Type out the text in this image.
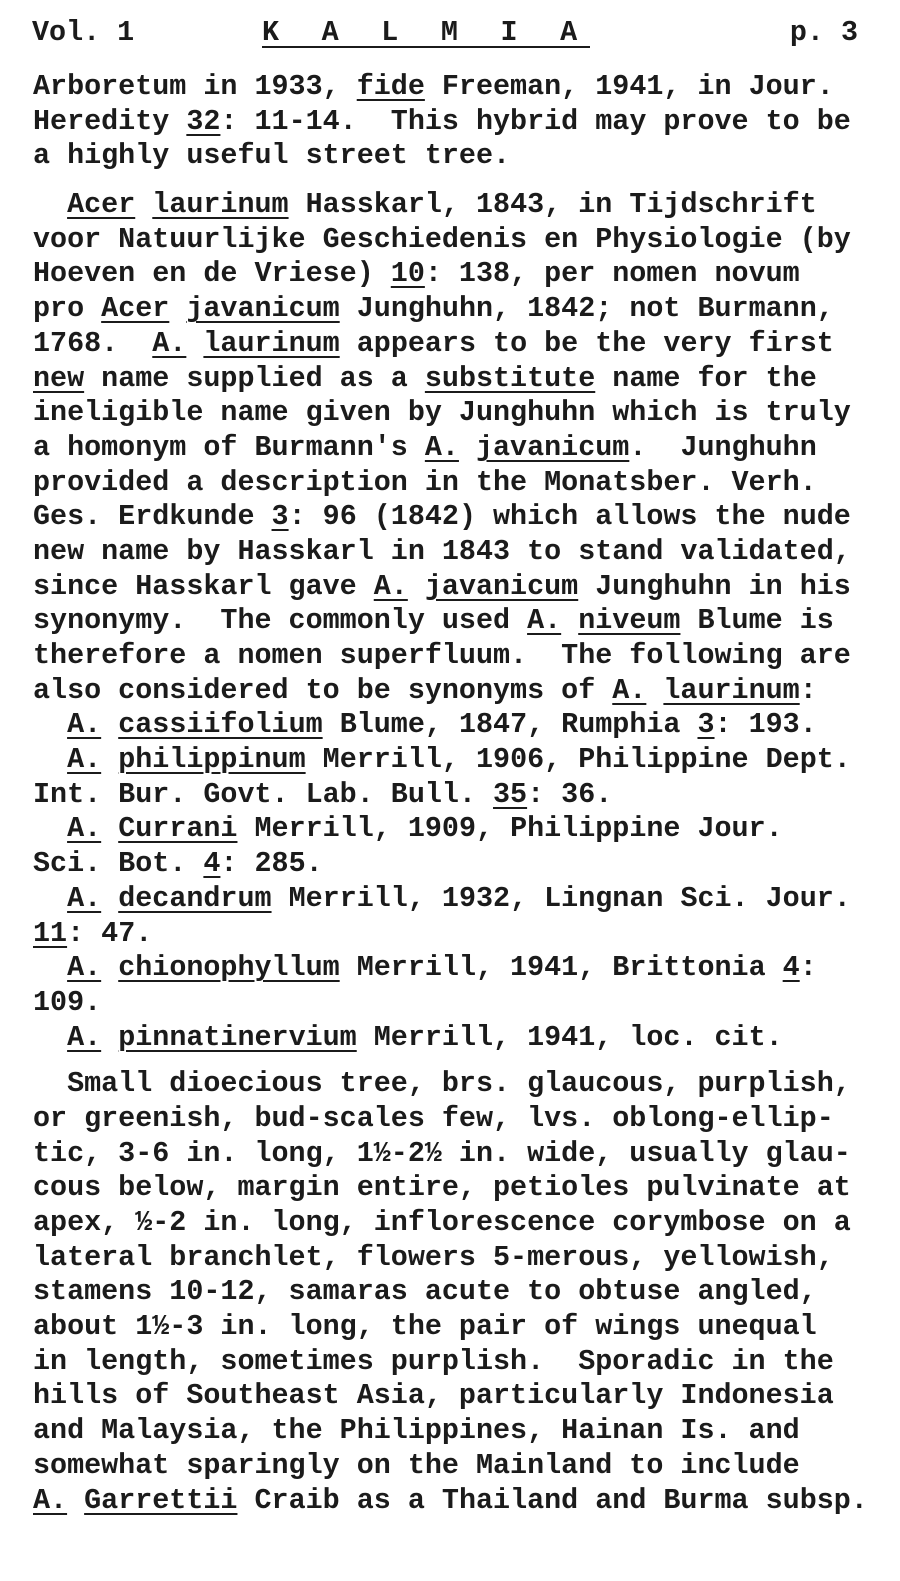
Vol. 1	K A L M I A	p. 3
Arboretum in 1933, fide Freeman, 1941, in Jour.
Heredity 32: 11-14.  This hybrid may prove to be
a highly useful street tree.
Acer laurinum Hasskarl, 1843, in Tijdschrift
voor Natuurlijke Geschiedenis en Physiologie (by
Hoeven en de Vriese) 10: 138, per nomen novum
pro Acer javanicum Junghuhn, 1842; not Burmann,
1768.  A. laurinum appears to be the very first
new name supplied as a substitute name for the
ineligible name given by Junghuhn which is truly
a homonym of Burmann's A. javanicum.  Junghuhn
provided a description in the Monatsber. Verh.
Ges. Erdkunde 3: 96 (1842) which allows the nude
new name by Hasskarl in 1843 to stand validated,
since Hasskarl gave A. javanicum Junghuhn in his
synonymy.  The commonly used A. niveum Blume is
therefore a nomen superfluum.  The following are
also considered to be synonyms of A. laurinum:
A. cassiifolium Blume, 1847, Rumphia 3: 193.
A. philippinum Merrill, 1906, Philippine Dept.
Int. Bur. Govt. Lab. Bull. 35: 36.
A. Currani Merrill, 1909, Philippine Jour.
Sci. Bot. 4: 285.
A. decandrum Merrill, 1932, Lingnan Sci. Jour.
11: 47.
A. chionophyllum Merrill, 1941, Brittonia 4:
109.
A. pinnatinervium Merrill, 1941, loc. cit.
Small dioecious tree, brs. glaucous, purplish,
or greenish, bud-scales few, lvs. oblong-ellip-
tic, 3-6 in. long, 1½-2½ in. wide, usually glau-
cous below, margin entire, petioles pulvinate at
apex, ½-2 in. long, inflorescence corymbose on a
lateral branchlet, flowers 5-merous, yellowish,
stamens 10-12, samaras acute to obtuse angled,
about 1½-3 in. long, the pair of wings unequal
in length, sometimes purplish.  Sporadic in the
hills of Southeast Asia, particularly Indonesia
and Malaysia, the Philippines, Hainan Is. and
somewhat sparingly on the Mainland to include
A. Garrettii Craib as a Thailand and Burma subsp.
